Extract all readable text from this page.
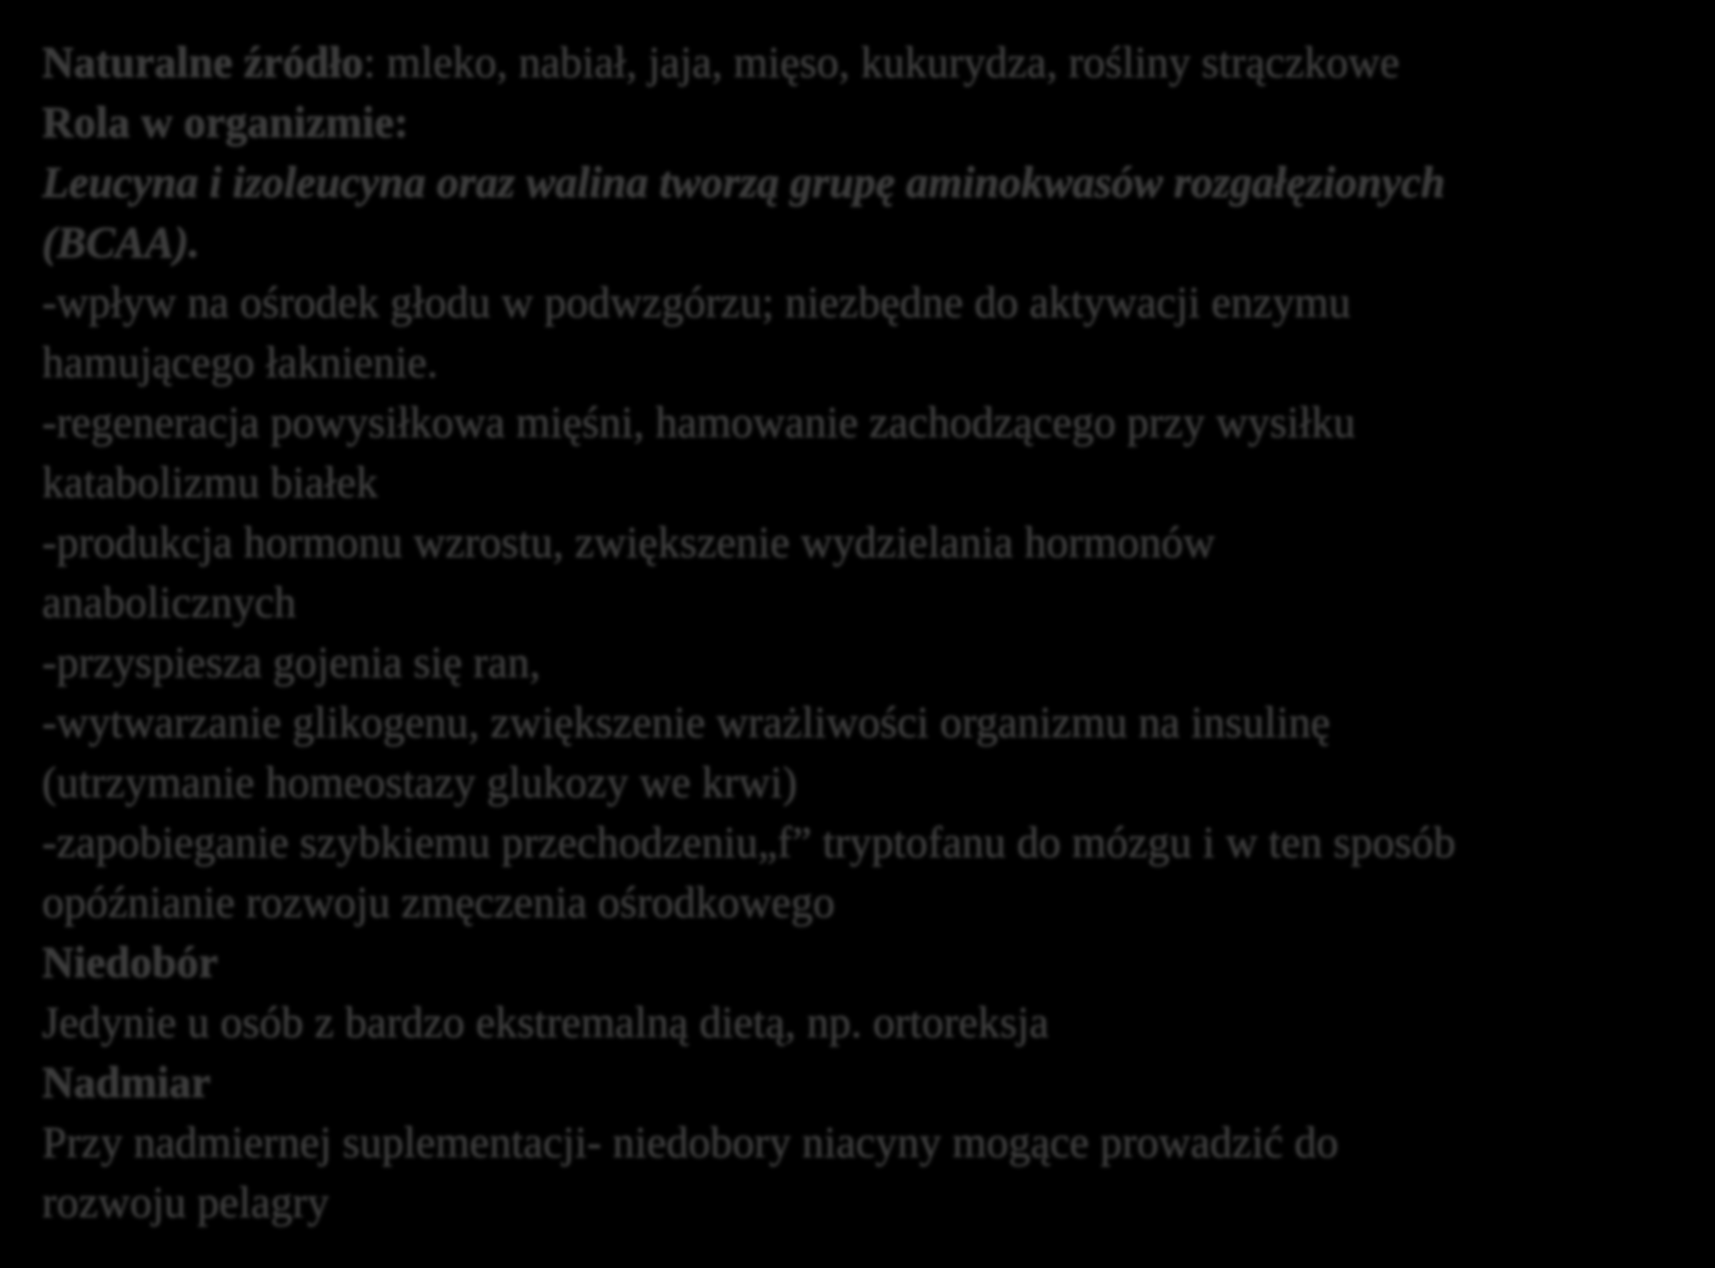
Naturalne źródło: mleko, nabiał, jaja, mięso, kukurydza, rośliny strączkowe
Rola w organizmie:
Leucyna i izoleucyna oraz walina tworzą grupę aminokwasów rozgałęzionych
(BCAA).
-wpływ na ośrodek głodu w podwzgórzu; niezbędne do aktywacji enzymu
hamującego łaknienie.
-regeneracja powysiłkowa mięśni, hamowanie zachodzącego przy wysiłku
katabolizmu białek
-produkcja hormonu wzrostu, zwiększenie wydzielania hormonów
anabolicznych
-przyspiesza gojenia się ran,
-wytwarzanie glikogenu, zwiększenie wrażliwości organizmu na insulinę
(utrzymanie homeostazy glukozy we krwi)
-zapobieganie szybkiemu przechodzeniu„f” tryptofanu do mózgu i w ten sposób
opóźnianie rozwoju zmęczenia ośrodkowego
Niedobór
Jedynie u osób z bardzo ekstremalną dietą, np. ortoreksja
Nadmiar
Przy nadmiernej suplementacji- niedobory niacyny mogące prowadzić do
rozwoju pelagry
